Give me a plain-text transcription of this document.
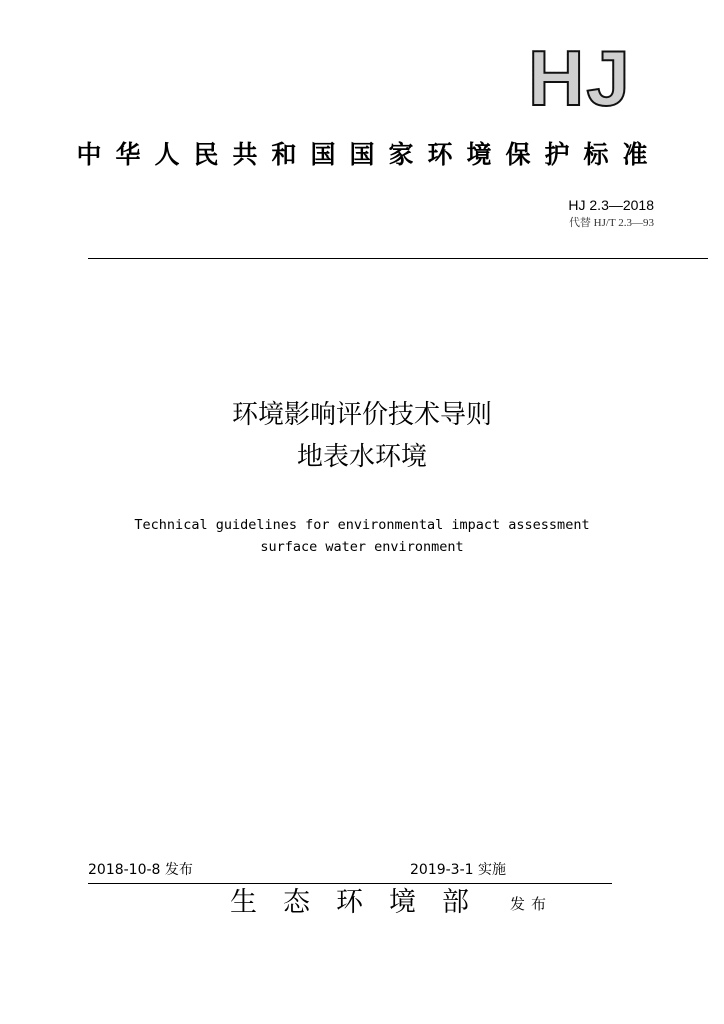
HJ
中华人民共和国国家环境保护标准
HJ 2.3—2018
代替 HJ/T 2.3—93
环境影响评价技术导则
地表水环境
Technical guidelines for environmental impact assessment
surface water environment
2018-10-8 发布	2019-3-1 实施
生态环境部 发布
